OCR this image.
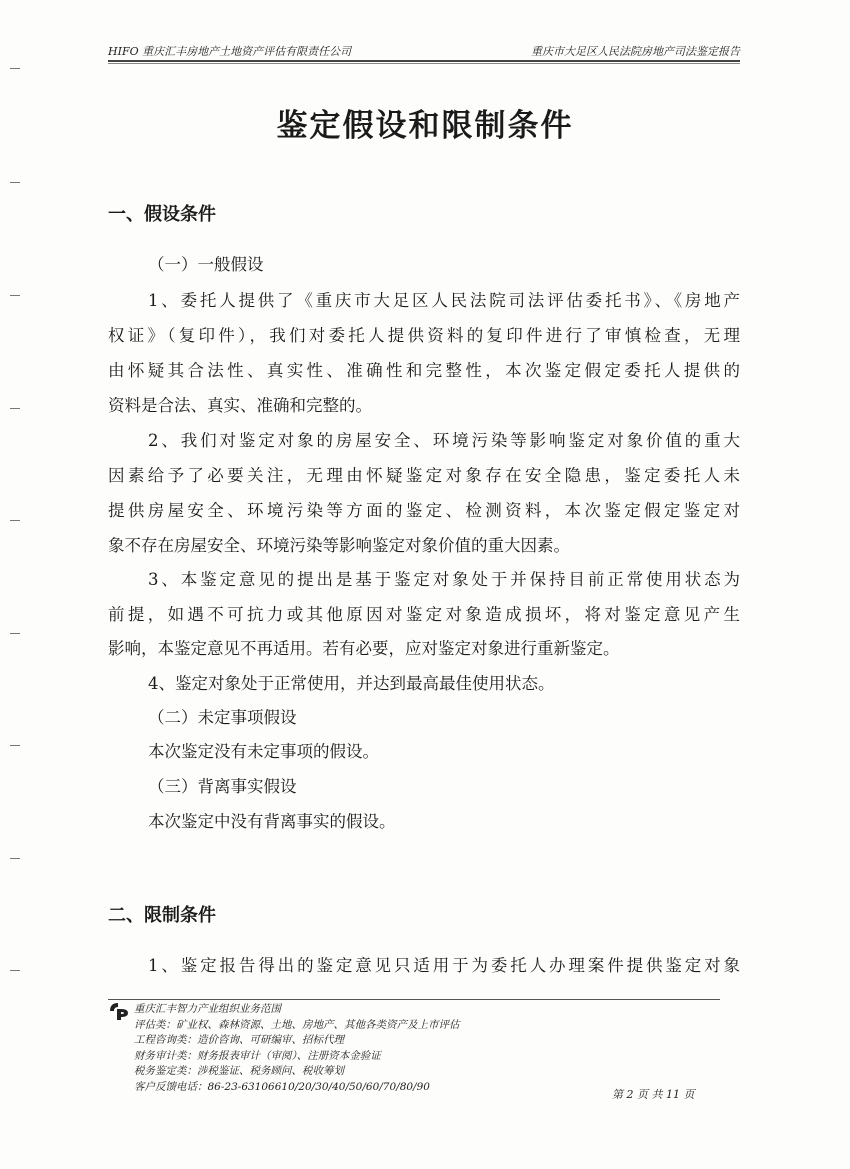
HIFO 重庆汇丰房地产土地资产评估有限责任公司	重庆市大足区人民法院房地产司法鉴定报告
鉴定假设和限制条件
一、假设条件
（一）一般假设
1、委托人提供了《重庆市大足区人民法院司法评估委托书》、《房地产
权证》（复印件），我们对委托人提供资料的复印件进行了审慎检查，无理
由怀疑其合法性、真实性、准确性和完整性，本次鉴定假定委托人提供的
资料是合法、真实、准确和完整的。
2、我们对鉴定对象的房屋安全、环境污染等影响鉴定对象价值的重大
因素给予了必要关注，无理由怀疑鉴定对象存在安全隐患，鉴定委托人未
提供房屋安全、环境污染等方面的鉴定、检测资料，本次鉴定假定鉴定对
象不存在房屋安全、环境污染等影响鉴定对象价值的重大因素。
3、本鉴定意见的提出是基于鉴定对象处于并保持目前正常使用状态为
前提，如遇不可抗力或其他原因对鉴定对象造成损坏，将对鉴定意见产生
影响，本鉴定意见不再适用。若有必要，应对鉴定对象进行重新鉴定。
4、鉴定对象处于正常使用，并达到最高最佳使用状态。
（二）未定事项假设
本次鉴定没有未定事项的假设。
（三）背离事实假设
本次鉴定中没有背离事实的假设。
二、限制条件
1、鉴定报告得出的鉴定意见只适用于为委托人办理案件提供鉴定对象
重庆汇丰智力产业组织业务范围
评估类：矿业权、森林资源、土地、房地产、其他各类资产及上市评估
工程咨询类：造价咨询、可研编审、招标代理
财务审计类：财务报表审计（审阅）、注册资本金验证
税务鉴定类：涉税鉴证、税务顾问、税收筹划
客户反馈电话：86-23-63106610/20/30/40/50/60/70/80/90
第 2 页 共 11 页
